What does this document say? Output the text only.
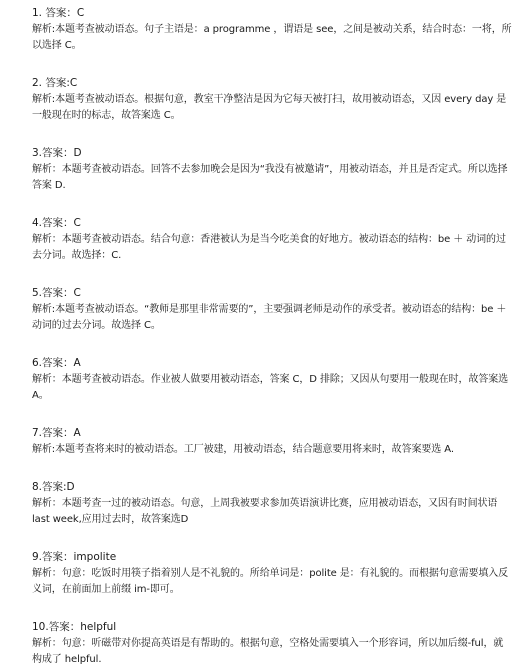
1. 答案：C
解析:本题考查被动语态。句子主语是：a programme ，谓语是 see，之间是被动关系，结合时态：一将，所以选择 C。
2. 答案:C
解析:本题考查被动语态。根据句意，教室干净整洁是因为它每天被打扫，故用被动语态，又因 every day 是一般现在时的标志，故答案选 C。
3.答案：D
解析：本题考查被动语态。回答不去参加晚会是因为“我没有被邀请”，用被动语态，并且是否定式。所以选择答案 D.
4.答案：C
解析：本题考查被动语态。结合句意：香港被认为是当今吃美食的好地方。被动语态的结构：be ＋ 动词的过去分词。故选择：C.
5.答案：C
解析:本题考查被动语态。“教师是那里非常需要的”，主要强调老师是动作的承受者。被动语态的结构：be ＋ 动词的过去分词。故选择 C。
6.答案：A
解析：本题考查被动语态。作业被人做要用被动语态，答案 C，D 排除；又因从句要用一般现在时，故答案选 A。
7.答案：A
解析:本题考查将来时的被动语态。工厂被建，用被动语态，结合题意要用将来时，故答案要选 A.
8.答案:D
解析：本题考查一过的被动语态。句意，上周我被要求参加英语演讲比赛，应用被动语态，又因有时间状语 last week,应用过去时，故答案选D
9.答案：impolite
解析：句意：吃饭时用筷子指着别人是不礼貌的。所给单词是：polite 是：有礼貌的。而根据句意需要填入反义词，在前面加上前缀 im-即可。
10.答案：helpful
解析：句意：听磁带对你提高英语是有帮助的。根据句意，空格处需要填入一个形容词，所以加后缀-ful，就构成了 helpful.
